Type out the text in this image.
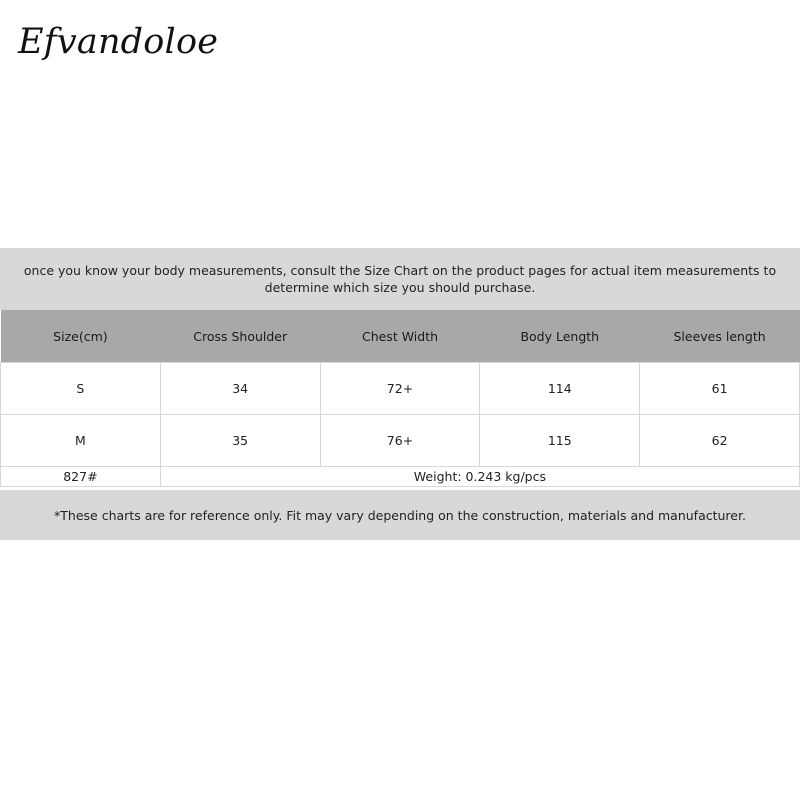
Efvandoloe
once you know your body measurements, consult the Size Chart on the product pages for actual item measurements to determine which size you should purchase.
Size(cm)	Cross Shoulder	Chest Width	Body Length	Sleeves length
S	34	72+	114	61
M	35	76+	115	62
827#	Weight: 0.243 kg/pcs			
*These charts are for reference only. Fit may vary depending on the construction, materials and manufacturer.
